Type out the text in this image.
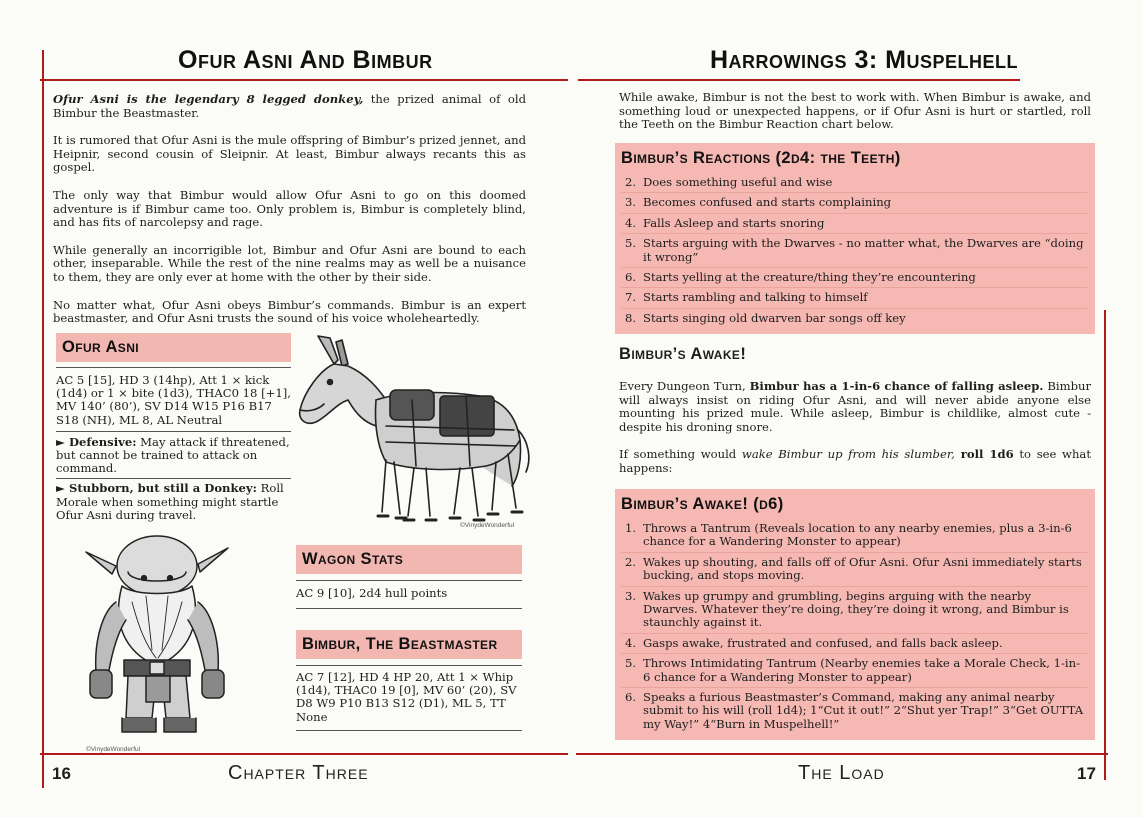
Ofur Asni And Bimbur

Ofur Asni is the legendary 8 legged donkey, the prized animal of old Bimbur the Beastmaster.

It is rumored that Ofur Asni is the mule offspring of Bimbur’s prized jennet, and Heipnir, second cousin of Sleipnir. At least, Bimbur always recants this as gospel.

The only way that Bimbur would allow Ofur Asni to go on this doomed adventure is if Bimbur came too. Only problem is, Bimbur is completely blind, and has fits of narcolepsy and rage.

While generally an incorrigible lot, Bimbur and Ofur Asni are bound to each other, inseparable. While the rest of the nine realms may as well be a nuisance to them, they are only ever at home with the other by their side.

No matter what, Ofur Asni obeys Bimbur’s commands. Bimbur is an expert beastmaster, and Ofur Asni trusts the sound of his voice wholeheartedly.

Ofur Asni
AC 5 [15], HD 3 (14hp), Att 1 × kick (1d4) or 1 × bite (1d3), THAC0 18 [+1], MV 140’ (80’), SV D14 W15 P16 B17 S18 (NH), ML 8, AL Neutral
► Defensive: May attack if threatened, but cannot be trained to attack on command.
► Stubborn, but still a Donkey: Roll Morale when something might startle Ofur Asni during travel.
©VinydeWonderful
©VinydeWonderful
Wagon Stats
AC 9 [10], 2d4 hull points
Bimbur, The Beastmaster
AC 7 [12], HD 4 HP 20, Att 1 × Whip (1d4), THAC0 19 [0], MV 60’ (20), SV D8 W9 P10 B13 S12 (D1), ML 5, TT None
16	Chapter Three
Harrowings 3: Muspelhell
While awake, Bimbur is not the best to work with. When Bimbur is awake, and something loud or unexpected happens, or if Ofur Asni is hurt or startled, roll the Teeth on the Bimbur Reaction chart below.
Bimbur’s Reactions (2d4: the Teeth)
2. Does something useful and wise
3. Becomes confused and starts complaining
4. Falls Asleep and starts snoring
5. Starts arguing with the Dwarves - no matter what, the Dwarves are “doing it wrong”
6. Starts yelling at the creature/thing they’re encountering
7. Starts rambling and talking to himself
8. Starts singing old dwarven bar songs off key
Bimbur’s Awake!

Every Dungeon Turn, Bimbur has a 1-in-6 chance of falling asleep. Bimbur will always insist on riding Ofur Asni, and will never abide anyone else mounting his prized mule. While asleep, Bimbur is childlike, almost cute - despite his droning snore.

If something would wake Bimbur up from his slumber, roll 1d6 to see what happens:

Bimbur’s Awake! (d6)
1. Throws a Tantrum (Reveals location to any nearby enemies, plus a 3-in-6 chance for a Wandering Monster to appear)
2. Wakes up shouting, and falls off of Ofur Asni. Ofur Asni immediately starts bucking, and stops moving.
3. Wakes up grumpy and grumbling, begins arguing with the nearby Dwarves. Whatever they’re doing, they’re doing it wrong, and Bimbur is staunchly against it.
4. Gasps awake, frustrated and confused, and falls back asleep.
5. Throws Intimidating Tantrum (Nearby enemies take a Morale Check, 1-in-6 chance for a Wandering Monster to appear)
6. Speaks a furious Beastmaster’s Command, making any animal nearby submit to his will (roll 1d4); 1“Cut it out!” 2“Shut yer Trap!” 3“Get OUTTA my Way!” 4“Burn in Muspelhell!”
The Load	17
